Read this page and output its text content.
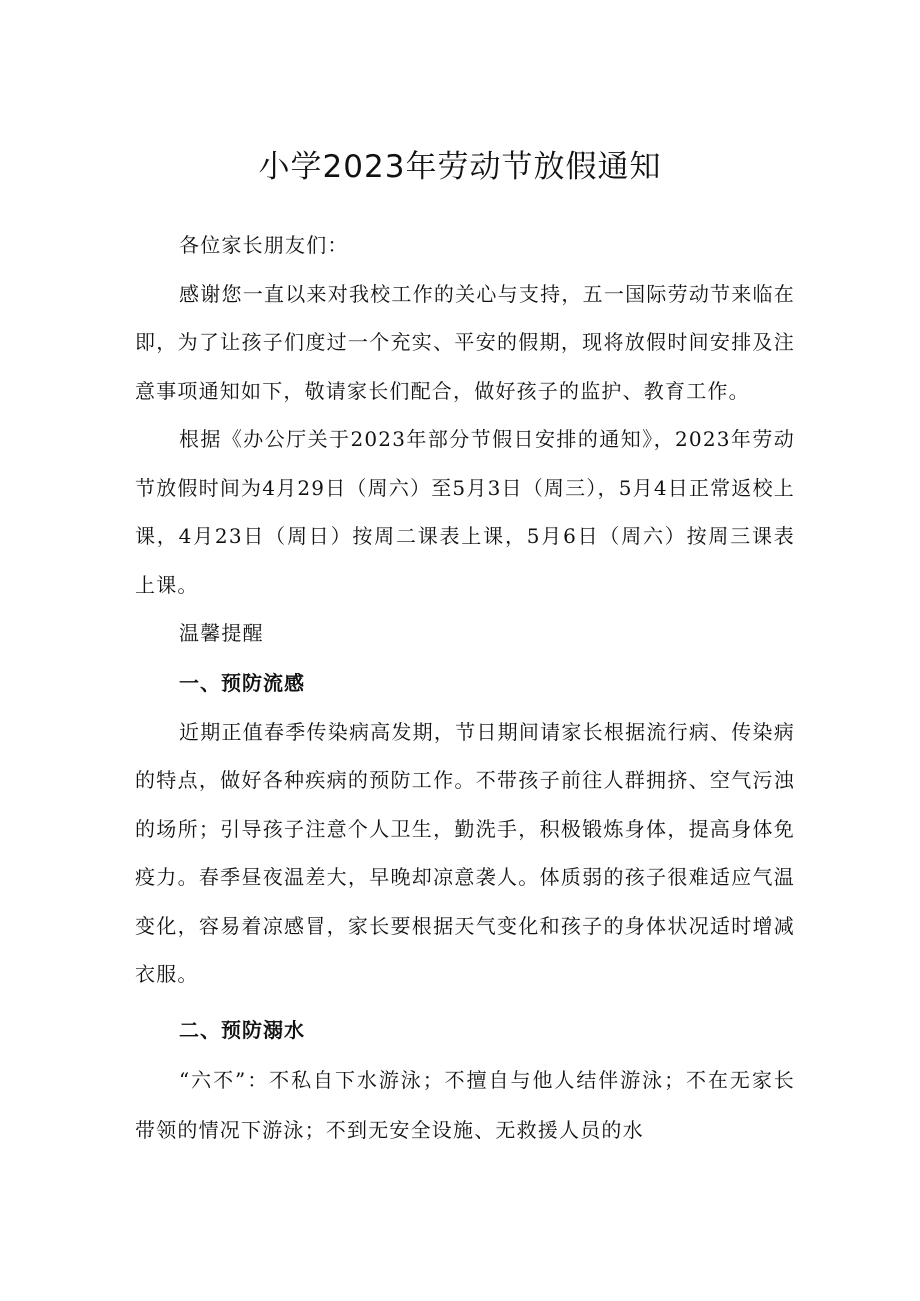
小学2023年劳动节放假通知

各位家长朋友们：

感谢您一直以来对我校工作的关心与支持，五一国际劳动节来临在即，为了让孩子们度过一个充实、平安的假期，现将放假时间安排及注意事项通知如下，敬请家长们配合，做好孩子的监护、教育工作。

根据《办公厅关于2023年部分节假日安排的通知》，2023年劳动节放假时间为4月29日（周六）至5月3日（周三），5月4日正常返校上课，4月23日（周日）按周二课表上课，5月6日（周六）按周三课表上课。

温馨提醒

一、预防流感

近期正值春季传染病高发期，节日期间请家长根据流行病、传染病的特点，做好各种疾病的预防工作。不带孩子前往人群拥挤、空气污浊的场所；引导孩子注意个人卫生，勤洗手，积极锻炼身体，提高身体免疫力。春季昼夜温差大，早晚却凉意袭人。体质弱的孩子很难适应气温变化，容易着凉感冒，家长要根据天气变化和孩子的身体状况适时增减衣服。

二、预防溺水

“六不”：不私自下水游泳；不擅自与他人结伴游泳；不在无家长带领的情况下游泳；不到无安全设施、无救援人员的水
